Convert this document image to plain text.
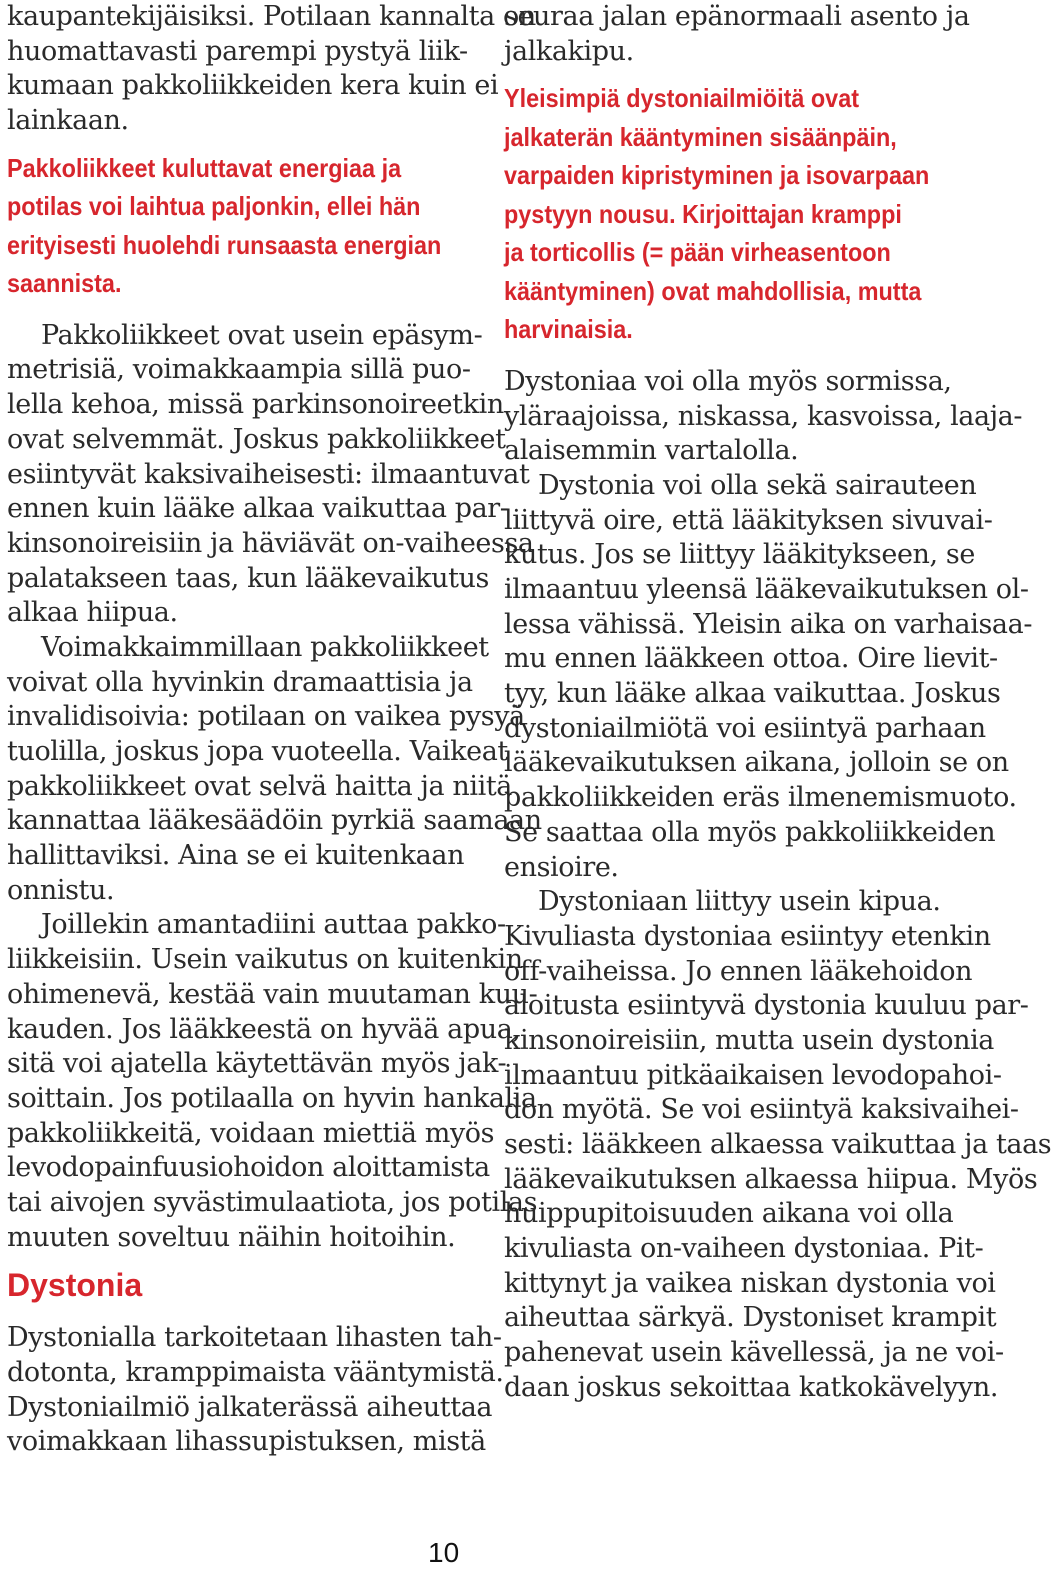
kaupantekijäisiksi. Potilaan kannalta on
huomattavasti parempi pystyä liik-
kumaan pakkoliikkeiden kera kuin ei
lainkaan.
Pakkoliikkeet kuluttavat energiaa ja
potilas voi laihtua paljonkin, ellei hän
erityisesti huolehdi runsaasta energian
saannista.
Pakkoliikkeet ovat usein epäsym-
metrisiä, voimakkaampia sillä puo-
lella kehoa, missä parkinsonoireetkin
ovat selvemmät. Joskus pakkoliikkeet
esiintyvät kaksivaiheisesti: ilmaantuvat
ennen kuin lääke alkaa vaikuttaa par-
kinsonoireisiin ja häviävät on-vaiheessa
palatakseen taas, kun lääkevaikutus
alkaa hiipua.
Voimakkaimmillaan pakkoliikkeet
voivat olla hyvinkin dramaattisia ja
invalidisoivia: potilaan on vaikea pysyä
tuolilla, joskus jopa vuoteella. Vaikeat
pakkoliikkeet ovat selvä haitta ja niitä
kannattaa lääkesäädöin pyrkiä saamaan
hallittaviksi. Aina se ei kuitenkaan
onnistu.
Joillekin amantadiini auttaa pakko-
liikkeisiin. Usein vaikutus on kuitenkin
ohimenevä, kestää vain muutaman kuu-
kauden. Jos lääkkeestä on hyvää apua,
sitä voi ajatella käytettävän myös jak-
soittain. Jos potilaalla on hyvin hankalia
pakkoliikkeitä, voidaan miettiä myös
levodopainfuusiohoidon aloittamista
tai aivojen syvästimulaatiota, jos potilas
muuten soveltuu näihin hoitoihin.
Dystonia
Dystonialla tarkoitetaan lihasten tah-
dotonta, kramppimaista vääntymistä.
Dystoniailmiö jalkaterässä aiheuttaa
voimakkaan lihassupistuksen, mistä
seuraa jalan epänormaali asento ja
jalkakipu.
Yleisimpiä dystoniailmiöitä ovat
jalkaterän kääntyminen sisäänpäin,
varpaiden kipristyminen ja isovarpaan
pystyyn nousu. Kirjoittajan kramppi
ja torticollis (= pään virheasentoon
kääntyminen) ovat mahdollisia, mutta
harvinaisia.
Dystoniaa voi olla myös sormissa,
yläraajoissa, niskassa, kasvoissa, laaja-
alaisemmin vartalolla.
Dystonia voi olla sekä sairauteen
liittyvä oire, että lääkityksen sivuvai-
kutus. Jos se liittyy lääkitykseen, se
ilmaantuu yleensä lääkevaikutuksen ol-
lessa vähissä. Yleisin aika on varhaisaa-
mu ennen lääkkeen ottoa. Oire lievit-
tyy, kun lääke alkaa vaikuttaa. Joskus
dystoniailmiötä voi esiintyä parhaan
lääkevaikutuksen aikana, jolloin se on
pakkoliikkeiden eräs ilmenemismuoto.
Se saattaa olla myös pakkoliikkeiden
ensioire.
Dystoniaan liittyy usein kipua.
Kivuliasta dystoniaa esiintyy etenkin
off-vaiheissa. Jo ennen lääkehoidon
aloitusta esiintyvä dystonia kuuluu par-
kinsonoireisiin, mutta usein dystonia
ilmaantuu pitkäaikaisen levodopahoi-
don myötä. Se voi esiintyä kaksivaihei-
sesti: lääkkeen alkaessa vaikuttaa ja taas
lääkevaikutuksen alkaessa hiipua. Myös
huippupitoisuuden aikana voi olla
kivuliasta on-vaiheen dystoniaa. Pit-
kittynyt ja vaikea niskan dystonia voi
aiheuttaa särkyä. Dystoniset krampit
pahenevat usein kävellessä, ja ne voi-
daan joskus sekoittaa katkokävelyyn.
10
